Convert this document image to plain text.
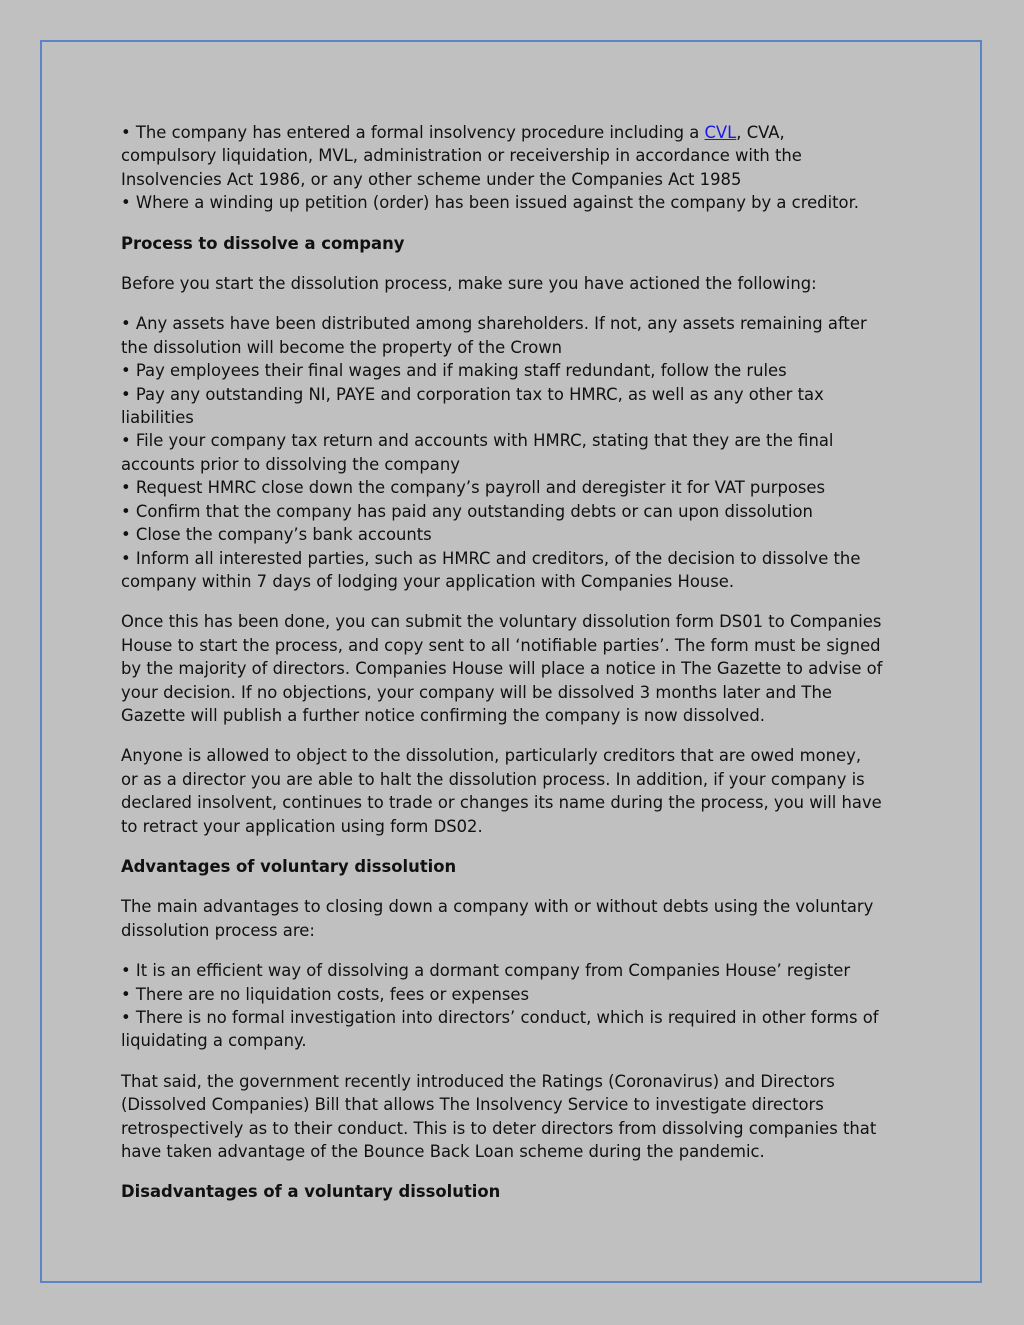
• The company has entered a formal insolvency procedure including a CVL, CVA,
compulsory liquidation, MVL, administration or receivership in accordance with the
Insolvencies Act 1986, or any other scheme under the Companies Act 1985
• Where a winding up petition (order) has been issued against the company by a creditor.
Process to dissolve a company
Before you start the dissolution process, make sure you have actioned the following:
• Any assets have been distributed among shareholders. If not, any assets remaining after
the dissolution will become the property of the Crown
• Pay employees their final wages and if making staff redundant, follow the rules
• Pay any outstanding NI, PAYE and corporation tax to HMRC, as well as any other tax
liabilities
• File your company tax return and accounts with HMRC, stating that they are the final
accounts prior to dissolving the company
• Request HMRC close down the company’s payroll and deregister it for VAT purposes
• Confirm that the company has paid any outstanding debts or can upon dissolution
• Close the company’s bank accounts
• Inform all interested parties, such as HMRC and creditors, of the decision to dissolve the
company within 7 days of lodging your application with Companies House.
Once this has been done, you can submit the voluntary dissolution form DS01 to Companies
House to start the process, and copy sent to all ‘notifiable parties’. The form must be signed
by the majority of directors. Companies House will place a notice in The Gazette to advise of
your decision. If no objections, your company will be dissolved 3 months later and The
Gazette will publish a further notice confirming the company is now dissolved.
Anyone is allowed to object to the dissolution, particularly creditors that are owed money,
or as a director you are able to halt the dissolution process. In addition, if your company is
declared insolvent, continues to trade or changes its name during the process, you will have
to retract your application using form DS02.
Advantages of voluntary dissolution
The main advantages to closing down a company with or without debts using the voluntary
dissolution process are:
• It is an efficient way of dissolving a dormant company from Companies House’ register
• There are no liquidation costs, fees or expenses
• There is no formal investigation into directors’ conduct, which is required in other forms of
liquidating a company.
That said, the government recently introduced the Ratings (Coronavirus) and Directors
(Dissolved Companies) Bill that allows The Insolvency Service to investigate directors
retrospectively as to their conduct. This is to deter directors from dissolving companies that
have taken advantage of the Bounce Back Loan scheme during the pandemic.
Disadvantages of a voluntary dissolution
